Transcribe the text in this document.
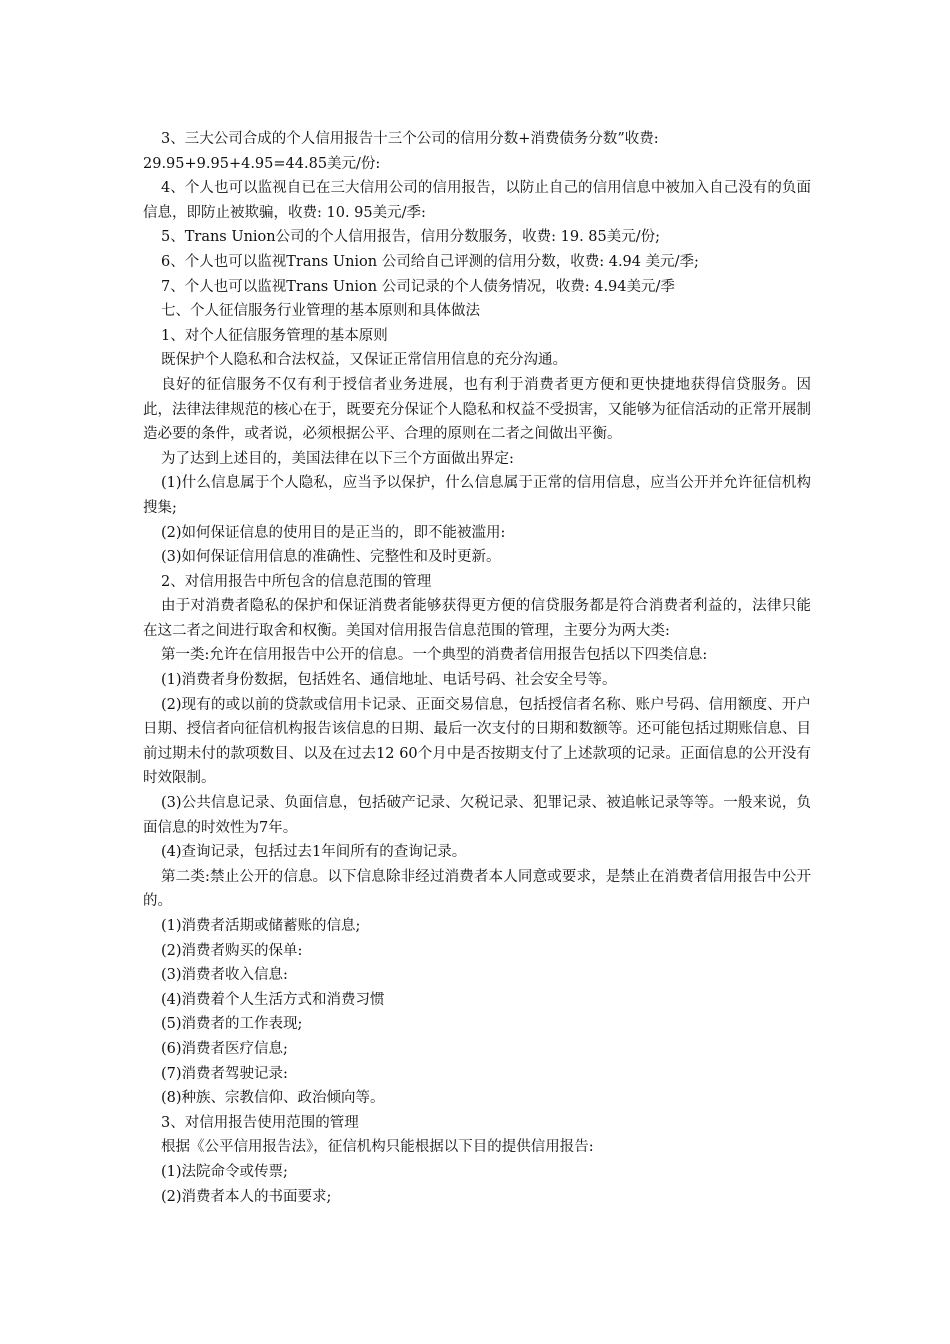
3、三大公司合成的个人信用报告十三个公司的信用分数+消费债务分数”收费:

29.95+9.95+4.95=44.85美元/份:

4、个人也可以监视自已在三大信用公司的信用报告，以防止自己的信用信息中被加入自己没有的负面信息，即防止被欺骗，收费: 10. 95美元/季:

5、Trans Union公司的个人信用报告，信用分数服务，收费: 19. 85美元/份;

6、个人也可以监视Trans Union 公司给自己评测的信用分数，收费: 4.94 美元/季;

7、个人也可以监视Trans Union 公司记录的个人债务情况，收费: 4.94美元/季

七、个人征信服务行业管理的基本原则和具体做法

1、对个人征信服务管理的基本原则

既保护个人隐私和合法权益，又保证正常信用信息的充分沟通。

良好的征信服务不仅有利于授信者业务进展，也有利于消费者更方便和更快捷地获得信贷服务。因此，法律法律规范的核心在于，既要充分保证个人隐私和权益不受损害，又能够为征信活动的正常开展制造必要的条件，或者说，必须根据公平、合理的原则在二者之间做出平衡。

为了达到上述目的，美国法律在以下三个方面做出界定:

(1)什么信息属于个人隐私，应当予以保护，什么信息属于正常的信用信息，应当公开并允许征信机构搜集;

(2)如何保证信息的使用目的是正当的，即不能被滥用:

(3)如何保证信用信息的准确性、完整性和及时更新。

2、对信用报告中所包含的信息范围的管理

由于对消费者隐私的保护和保证消费者能够获得更方便的信贷服务都是符合消费者利益的，法律只能在这二者之间进行取舍和权衡。美国对信用报告信息范围的管理，主要分为两大类:

第一类:允许在信用报告中公开的信息。一个典型的消费者信用报告包括以下四类信息:

(1)消费者身份数据，包括姓名、通信地址、电话号码、社会安全号等。

(2)现有的或以前的贷款或信用卡记录、正面交易信息，包括授信者名称、账户号码、信用额度、开户日期、授信者向征信机构报告该信息的日期、最后一次支付的日期和数额等。还可能包括过期账信息、目前过期未付的款项数目、以及在过去12 60个月中是否按期支付了上述款项的记录。正面信息的公开没有时效限制。

(3)公共信息记录、负面信息，包括破产记录、欠税记录、犯罪记录、被追帐记录等等。一般来说，负面信息的时效性为7年。

(4)查询记录，包括过去1年间所有的查询记录。

第二类:禁止公开的信息。以下信息除非经过消费者本人同意或要求，是禁止在消费者信用报告中公开的。

(1)消费者活期或储蓄账的信息;

(2)消费者购买的保单:

(3)消费者收入信息:

(4)消费着个人生活方式和消费习惯

(5)消费者的工作表现;

(6)消费者医疗信息;

(7)消费者驾驶记录:

(8)种族、宗教信仰、政治倾向等。

3、对信用报告使用范围的管理

根据《公平信用报告法》，征信机构只能根据以下目的提供信用报告:

(1)法院命令或传票;

(2)消费者本人的书面要求;
